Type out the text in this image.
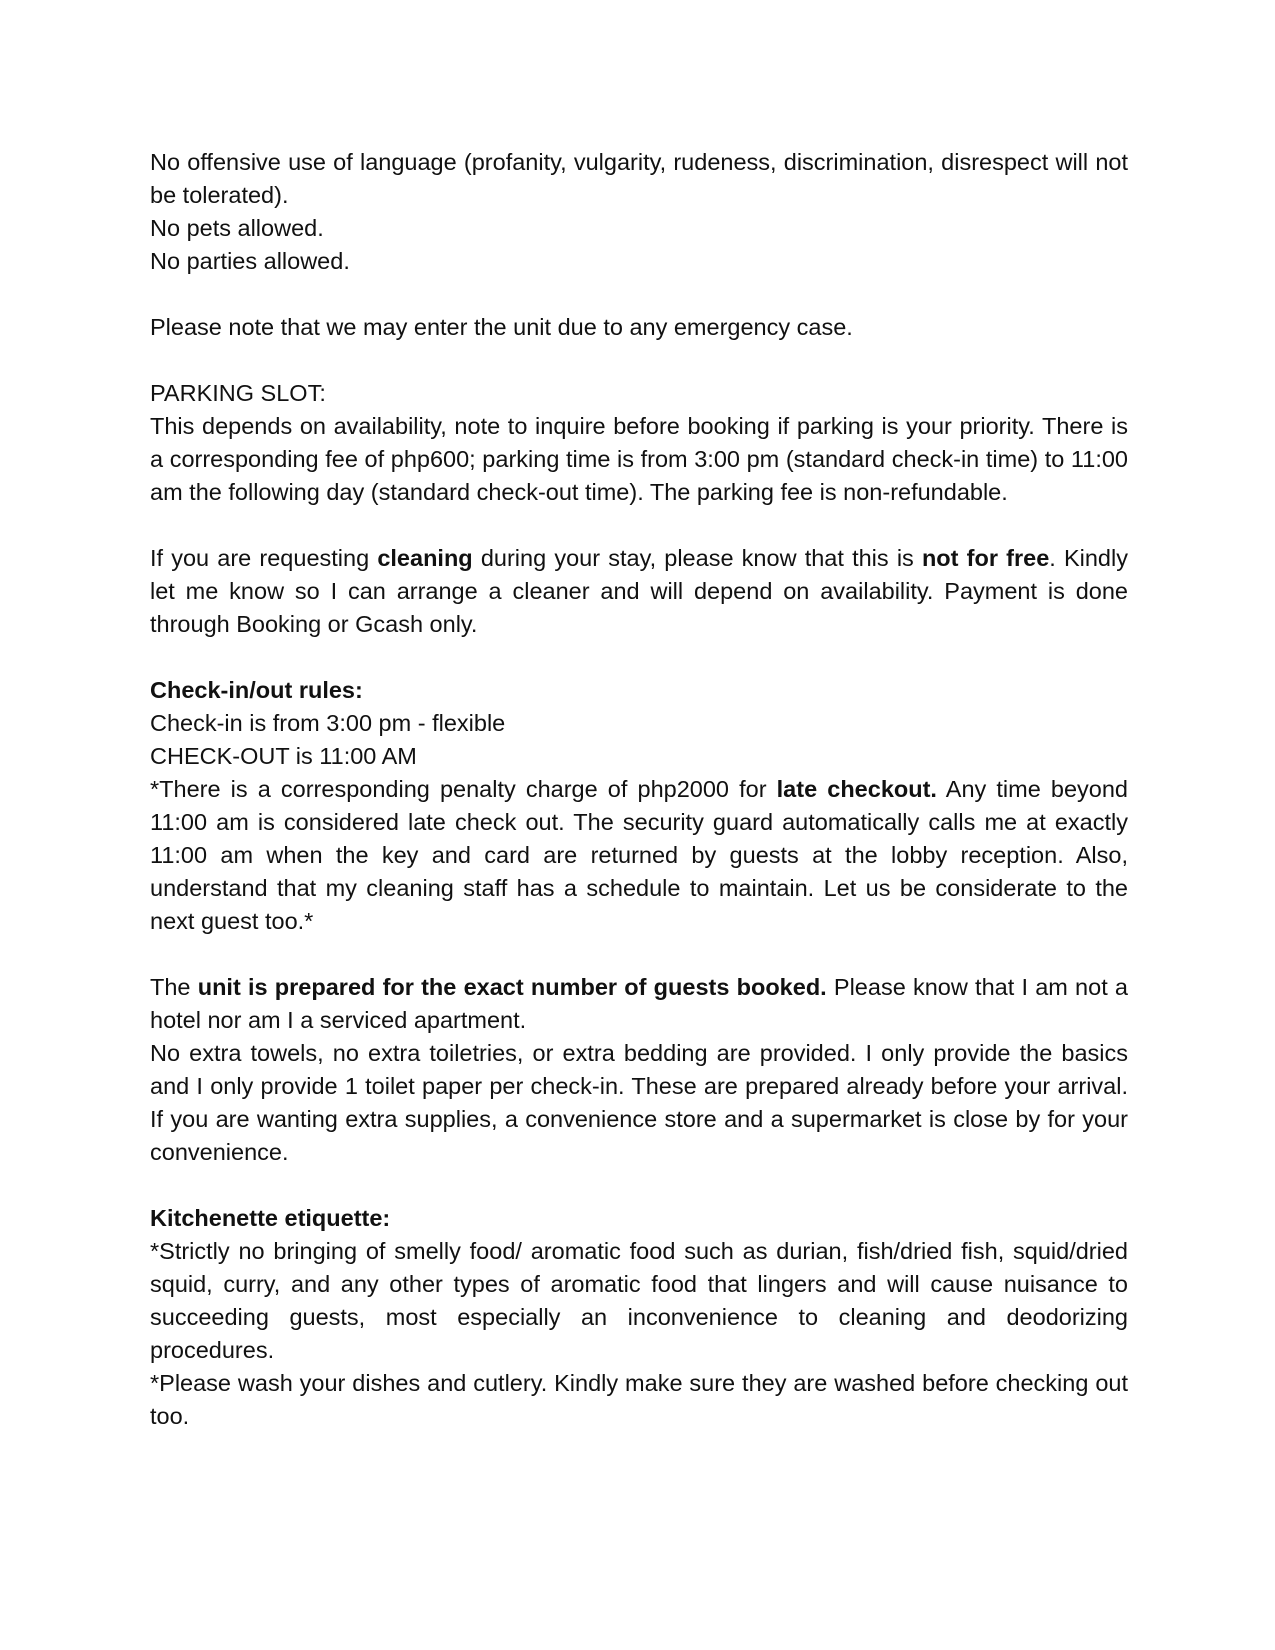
No offensive use of language (profanity, vulgarity, rudeness, discrimination, disrespect will not be tolerated).

No pets allowed.

No parties allowed.

Please note that we may enter the unit due to any emergency case.

PARKING SLOT:

This depends on availability, note to inquire before booking if parking is your priority. There is a corresponding fee of php600; parking time is from 3:00 pm (standard check-in time) to 11:00 am the following day (standard check-out time). The parking fee is non-refundable.

If you are requesting cleaning during your stay, please know that this is not for free. Kindly let me know so I can arrange a cleaner and will depend on availability. Payment is done through Booking or Gcash only.

Check-in/out rules:

Check-in is from 3:00 pm - flexible

CHECK-OUT is 11:00 AM

*There is a corresponding penalty charge of php2000 for late checkout. Any time beyond 11:00 am is considered late check out. The security guard automatically calls me at exactly 11:00 am when the key and card are returned by guests at the lobby reception. Also, understand that my cleaning staff has a schedule to maintain. Let us be considerate to the next guest too.*

The unit is prepared for the exact number of guests booked. Please know that I am not a hotel nor am I a serviced apartment.

No extra towels, no extra toiletries, or extra bedding are provided. I only provide the basics and I only provide 1 toilet paper per check-in. These are prepared already before your arrival. If you are wanting extra supplies, a convenience store and a supermarket is close by for your convenience.

Kitchenette etiquette:

*Strictly no bringing of smelly food/ aromatic food such as durian, fish/dried fish, squid/dried squid, curry, and any other types of aromatic food that lingers and will cause nuisance to succeeding guests, most especially an inconvenience to cleaning and deodorizing procedures.

*Please wash your dishes and cutlery. Kindly make sure they are washed before checking out too.
